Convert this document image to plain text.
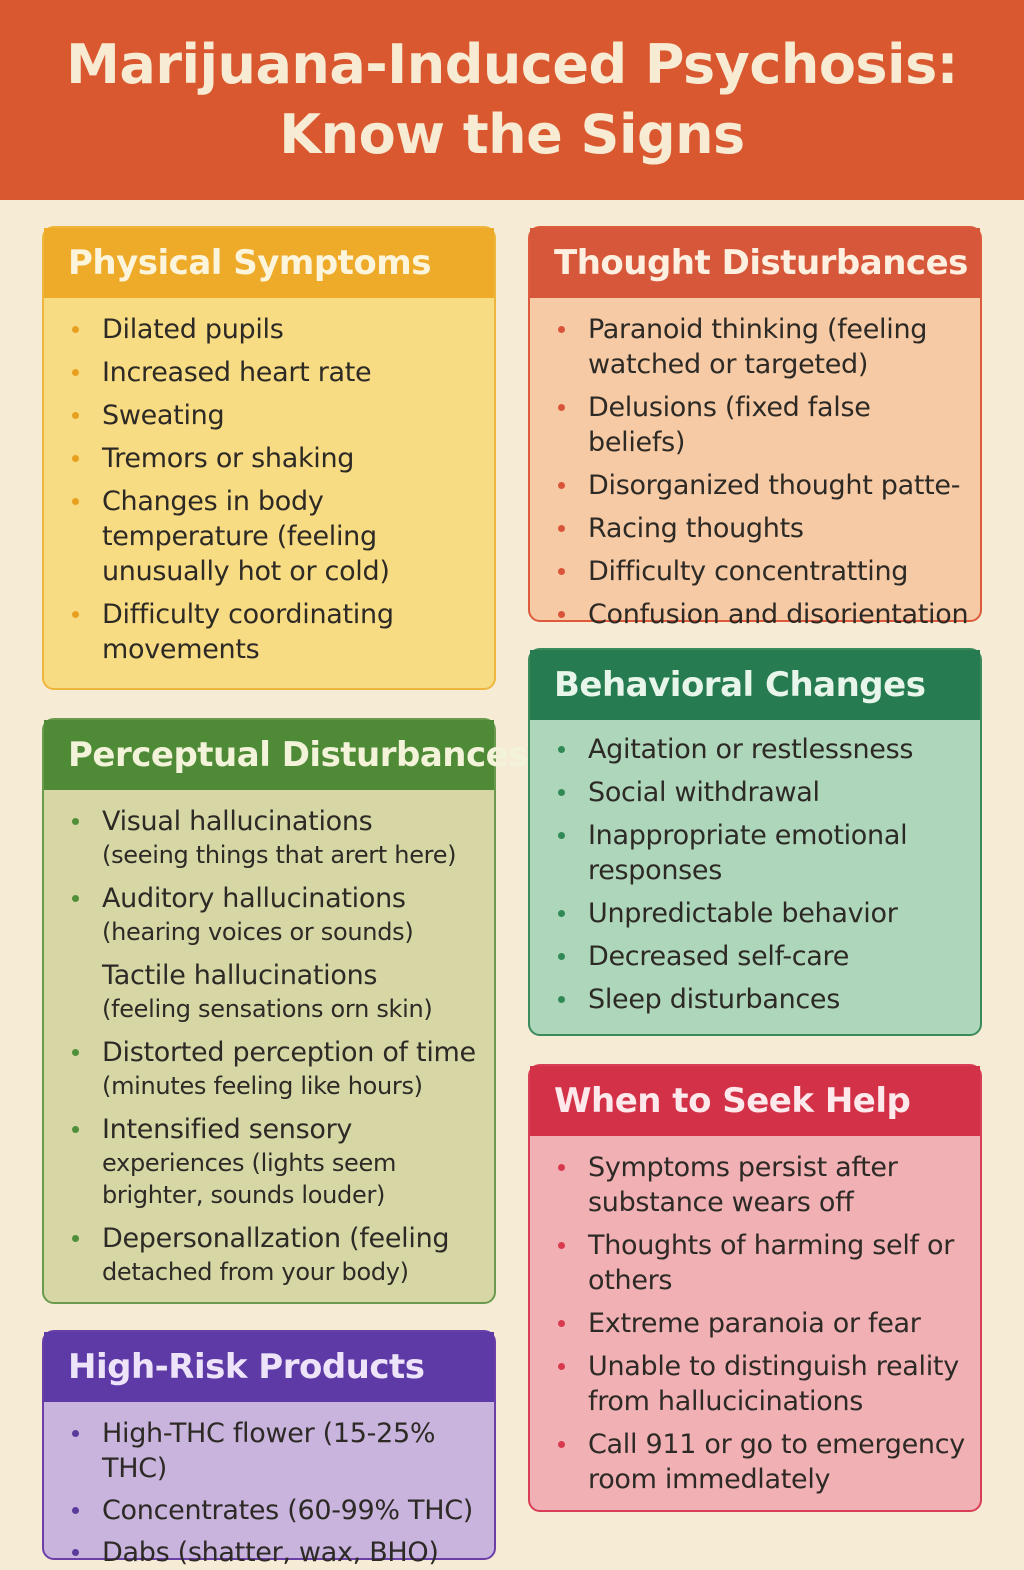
Marijuana-Induced Psychosis:
Know the Signs
Physical Symptoms
Dilated pupils
Increased heart rate
Sweating
Tremors or shaking
Changes in body temperature (feeling unusually hot or cold)
Difficulty coordinating movements
Thought Disturbances
Paranoid thinking (feeling watched or targeted)
Delusions (fixed false beliefs)
Disorganized thought patte-
Racing thoughts
Difficulty concentratting
Confusion and disorientation
Perceptual Disturbances
Visual hallucinations
(seeing things that arert here)
Auditory hallucinations
(hearing voices or sounds)
Tactile hallucinations
(feeling sensations orn skin)
Distorted perception of time
(minutes feeling like hours)
Intensified sensory
experiences (lights seem brighter, sounds louder)
Depersonallzation (feeling
detached from your body)
Behavioral Changes
Agitation or restlessness
Social withdrawal
Inappropriate emotional responses
Unpredictable behavior
Decreased self-care
Sleep disturbances
When to Seek Help
Symptoms persist after substance wears off
Thoughts of harming self or others
Extreme paranoia or fear
Unable to distinguish reality from hallucicinations
Call 911 or go to emergency room immedlately
High-Risk Products
High-THC flower (15-25% THC)
Concentrates (60-99% THC)
Dabs (shatter, wax, BHO)
